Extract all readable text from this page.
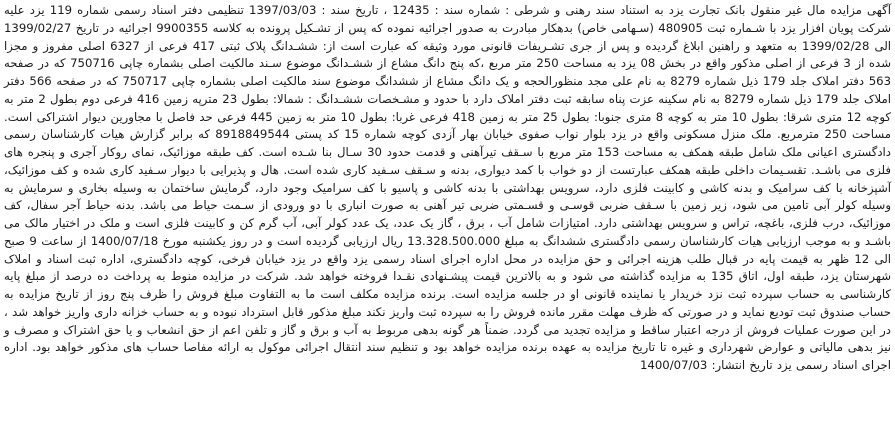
آگهی مزایده مال غیر منقول بانک تجارت یزد به استناد سند رهنی و شرطی : شماره سند : 12435 ، تاریخ سند : 1397/03/03 تنظیمی دفتر اسناد رسمی شماره 119 یزد علیه شرکت پویان افزار یزد با شـماره ثبت 480905 (سـهامی خاص) بدهکار مبادرت به صدور اجرائیه نموده که پس از تشـکیل پرونده به کلاسه 9900355 اجرائیه در تاریخ 1399/02/27 الی 1399/02/28 به متعهد و راهنین ابلاغ گردیده و پس از جری تشـریفات قانونی مورد وثیقه که عبارت است از: ششـدانگ پلاک ثبتی 417 فرعی از 6327 اصلی مفروز و مجزا شده از 3 فرعی از اصلی مذکور واقع در بخش 08 یزد به مساحت 250 متر مربع ،که پنج دانگ مشاع از ششـدانگ موضوع سـند مالکیت اصلی بشماره چاپی 750716 که در صفحه 563 دفتر املاک جلد 179 ذیل شماره 8279 به نام علی مجد منظورالحجه و یک دانگ مشاع از ششدانگ موضوع سند مالکیت اصلی بشماره چاپی 750717 که در صفحه 566 دفتر املاک جلد 179 ذیل شماره 8279 به نام سکینه عزت پناه سابقه ثبت دفتر املاک دارد با حدود و مشـخصات ششـدانگ : شمالا: بطول 23 مترپه زمین 416 فرعی دوم بطول 2 متر به کوچه 12 متری شرقا: بطول 10 متر به کوچه 8 متری جنوبا: بطول 25 متر به زمین 418 فرعی غربا: بطول 10 متر به زمین 445 فرعی حد فاصل با مجاورین دیوار اشتراکی است. مساحت 250 مترمربع. ملک منزل مسکونی واقع در یزد بلوار نواب صفوی خیابان بهار آزدی کوچه شماره 15 کد پستی 8918849544 که برابر گزارش هیات کارشناسان رسمی دادگستری اعیانی ملک شامل طبقه همکف به مساحت 153 متر مربع با سـقف تیرآهنی و قدمت حدود 30 سـال بنا شـده است. کف طبقه موزائیک، نمای روکار آجری و پنجره های فلزی می باشـد. تقسـیمات داخلی طبقه همکف عبارتست از دو خواب با کمد دیواری، بدنه و سـقف سـفید کاری شده است. هال و پذیرایی با دیوار سـفید کاری شده و کف موزائیک، آشپزخانه با کف سرامیک و بدنه کاشی و کابینت فلزی دارد، سرویس بهداشتی با بدنه کاشی و پاسیو با کف سرامیک وجود دارد، گرمایش ساختمان به وسیله بخاری و سرمایش به وسیله کولر آبی تامین می شود، زیر زمین با سـقف ضربی قوسـی و قسـمتی ضربی تیر آهنی به صورت انباری با دو ورودی از سـمت حیاط می باشد. بدنه حیاط آجر سفال، کف موزائیک، درب فلزی، باغچه، تراس و سرویس بهداشتی دارد. امتیازات شامل آب ، برق ، گاز یک عدد، یک عدد کولر آبی، آب گرم کن و کابینت فلزی است و ملک در اختیار مالک می باشـد و به موجب ارزیابی هیات کارشناسان رسمی دادگستری ششدانگ به مبلغ 13.328.500.000 ریال ارزیابی گردیده است و در روز یکشنبه مورخ 1400/07/18 از ساعت 9 صبح الی 12 ظهر به قیمت پایه در قبال طلب هزینه اجرائی و حق مزایده در محل اداره اجرای اسناد رسمی یزد واقع در یزد خیابان فرخی، کوچه دادگستری، اداره ثبت اسناد و املاک شهرستان یزد، طبقه اول، اتاق 135 به مزایده گذاشته می شود و به بالاترین قیمت پیشـنهادی نقـدا فروخته خواهد شد. شرکت در مزایده منوط به پرداخت ده درصد از مبلغ پایه کارشناسی به حساب سپرده ثبت نزد خریدار یا نماینده قانونی او در جلسه مزایده است. برنده مزایده مکلف است ما به التفاوت مبلغ فروش را ظرف پنج روز از تاریخ مزایده به حساب صندوق ثبت تودیع نماید و در صورتی که ظرف مهلت مقرر مانده فروش را به سپرده ثبت واریز نکند مبلغ مذکور قابل استرداد نبوده و به حساب خزانه داری واریز خواهد شد ، در این صورت عملیات فروش از درجه اعتبار ساقط و مزایده تجدید می گردد. ضمناً هر گونه بدهی مربوط به آب و برق و گاز و تلفن اعم از حق انشعاب و یا حق اشتراک و مصرف و نیز بدهی مالیاتی و عوارض شهرداری و غیره تا تاریخ مزایده به عهده برنده مزایده خواهد بود و تنظیم سند انتقال اجرائی موکول به ارائه مفاصا حساب های مذکور خواهد بود. اداره اجرای اسناد رسمی یزد تاریخ انتشار: 1400/07/03
